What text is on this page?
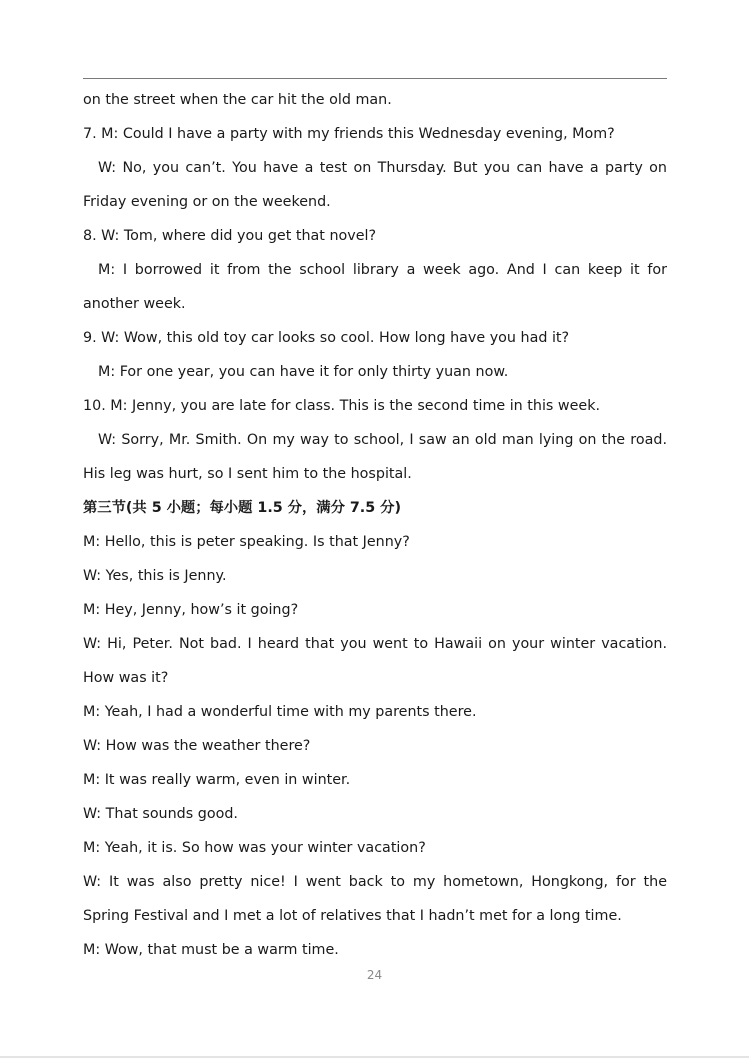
on the street when the car hit the old man.

7. M: Could I have a party with my friends this Wednesday evening, Mom?

W: No, you can’t. You have a test on Thursday. But you can have a party on Friday evening or on the weekend.

8. W: Tom, where did you get that novel?

M: I borrowed it from the school library a week ago. And I can keep it for another week.

9. W: Wow, this old toy car looks so cool. How long have you had it?

M: For one year, you can have it for only thirty yuan now.

10. M: Jenny, you are late for class. This is the second time in this week.

W: Sorry, Mr. Smith. On my way to school, I saw an old man lying on the road. His leg was hurt, so I sent him to the hospital.

第三节(共 5 小题；每小题 1.5 分，满分 7.5 分)

M: Hello, this is peter speaking. Is that Jenny?

W: Yes, this is Jenny.

M: Hey, Jenny, how’s it going?

W: Hi, Peter. Not bad. I heard that you went to Hawaii on your winter vacation. How was it?

M: Yeah, I had a wonderful time with my parents there.

W: How was the weather there?

M: It was really warm, even in winter.

W: That sounds good.

M: Yeah, it is. So how was your winter vacation?

W: It was also pretty nice! I went back to my hometown, Hongkong, for the Spring Festival and I met a lot of relatives that I hadn’t met for a long time.

M: Wow, that must be a warm time.

24
